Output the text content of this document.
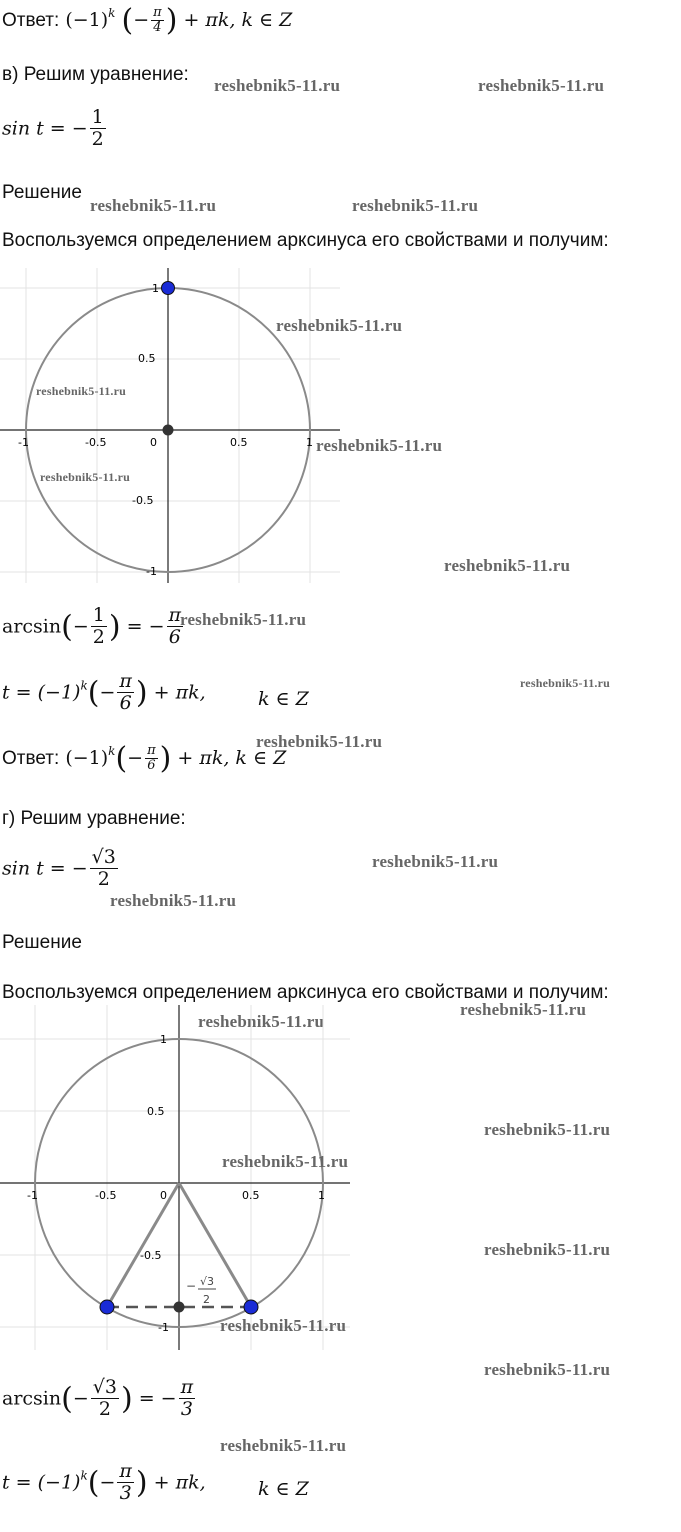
Ответ: $(-1)^k$ (− $\frac{\pi}{4}$ ) + πk, k ∈ Z
в) Решим уравнение:
reshebnik5-11.ru	reshebnik5-11.ru
sin t = − $\frac{1}{2}$
Решение
reshebnik5-11.ru	reshebnik5-11.ru
Воспользуемся определением арксинуса его свойствами и получим:
1
0.5
-0.5
-1
-1	-0.5	0	0.5	1
reshebnik5-11.ru
reshebnik5-11.ru
reshebnik5-11.ru
reshebnik5-11.ru
reshebnik5-11.ru
$\arcsin(- \frac{1}{2}$ ) = − $\frac{\pi}{6}$
reshebnik5-11.ru
reshebnik5-11.ru
$t = (-1)^k(- \frac{\pi}{6}$ ) + πk,	k ∈ Z
reshebnik5-11.ru
Ответ: $(-1)^k(- \frac{\pi}{6}$ ) + πk, k ∈ Z
г) Решим уравнение:
sin t = − $\frac{√3}{2}$
reshebnik5-11.ru
reshebnik5-11.ru
Решение
Воспользуемся определением арксинуса его свойствами и получим:
reshebnik5-11.ru
reshebnik5-11.ru
1
0.5
-0.5
-1
-1	-0.5	0	0.5	1
− √3
2
reshebnik5-11.ru
reshebnik5-11.ru
reshebnik5-11.ru
reshebnik5-11.ru
reshebnik5-11.ru
$\arcsin(- \frac{√3}{2}$ ) = − $\frac{\pi}{3}$
reshebnik5-11.ru
$t = (-1)^k(- \frac{\pi}{3}$ ) + πk,	k ∈ Z
